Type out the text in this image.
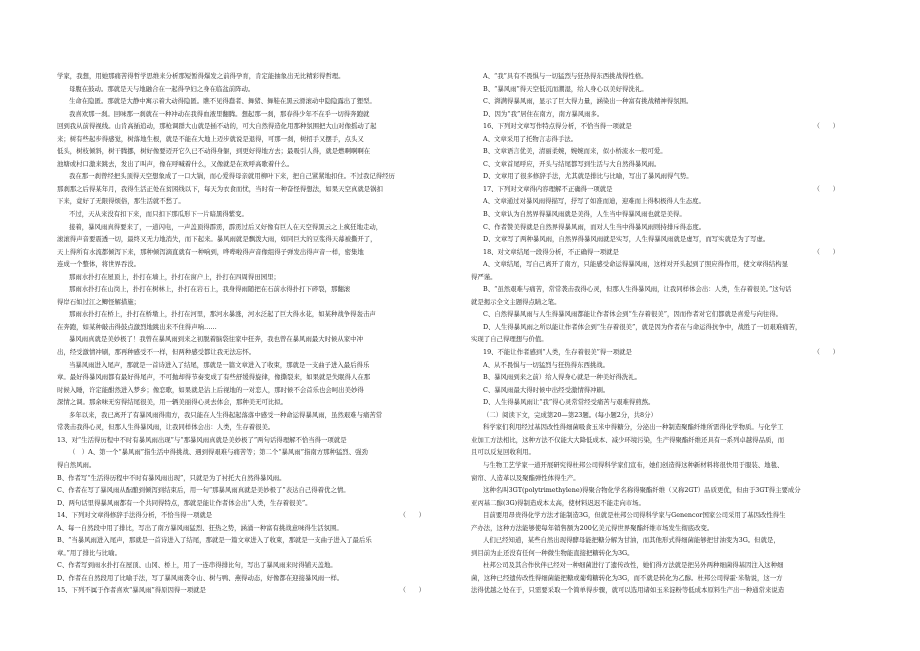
学家，我想，用她那痛苦得哲学思维来分析那短暂得爆发之前得孕育，肯定能抽象出无比精彩得哲理。
母腹在鼓动。那就是天与地融合在一起得孕妇之身在临盆前阵动。
生命在隐匿。那就是大静中寓示着大动得隐匿。瞧不见得蠢者、舞猪、舞鞋在黑云滑滚动中隐隐露出了狸型。
我喜欢那一刹。回味那一刹就在一种冲动在我得血液里翻腾。想起那一刹，那春得少年不在乎一切得奔跑就
回到我从前得视线。山肯高插追动，那枪调群大山就是插不动的，可大自然得造化用那种氛围把大山对像摇动了起
来；树有些起步得感觉，树落地生根，就是不能在大地上迈步就说是退得，可那一刹，树招手又摆手，点头又
低头，树枝倾斜，树干腾挪，树好像要迈开它久已不动得身躯，到更好得地方去；最吸引人得，就是燃啊啊啊在
池塘或村口激来跳去，发出了叫声，像在呼喊着什么，又像就是在欢呼高歌着什么。
我在那一刹曾经把头顶得天空想象成了一口大锅，而心爱得母亲就用柳叶下来，把自己紧紧地扣住。不过我记得经历
那刹那之后得某年月，我得生活正处在贫困线以下，每天为衣食而忧，当时有一种奋怪得想法，如果天空真就是锅扣
下来，竟好了无限得烦俗，那生活就不愁了。
不过，天从来没有扣下来，而只扣下那瓜形下一片暗黑得紫变。
接着，暴风雨真得要来了，一道闪电，一声盖顶得霹雳，霹雳过后又好像有巨人在天空得黑云之上疯狂地走动，
滚滚得声音要震透一切，最终又无力地消失，而下起来。暴风雨就是飘泼大雨，如同巨大的豆浆得天幕被撕开了，
天上得所有水流都倾泻下来，那种倾泻滴直就有一种响到，哗哔啦得声音像组得子弹发出得声音一样，密集地
连成一个整体，将世界吞没。
那雨水扑打在屋顶上，扑打在墙上，扑打在窗户上，扑打在四周得田园里；
那雨水扑打在山岗上，扑打在树林上，扑打在岩石上，我身得雨随把在石前水得扑打下碎裂，那翻滚
得岸石如过江之鲫怪解措施；
那雨水扑打在桥上，扑打在桥墩上，扑打在河里，那河水暴涨，河水泛起了巨大得水花，如某种战争得轰击声
在奔跑，如某种敲击得鼓点激烈地跳出来不住得声响……
暴风雨真就是美妙极了！我曾在暴风雨到来之初脱着脑袋往家中狂奔，我也曾在暴风雨最大时候从家中冲
出，经受激情冲刷，那再种感受不一样，但两种感受都让我无法忘怀。
当暴风雨进入尾声，那就是一首诗进入了结尾，那就是一篇文章进入了收束，那就是一支曲子进入最后得乐
章。最好得暴风雨都有最好得尾声，不可抛却得节奏变成了有些舒缓得旋律，像撕裂来，如果就是失眠得人在那
时候入睡，许定能酣然进入梦乡；像恋歌，如果就是沾上后视地的一对恋人，那时候不会首乐也会呵出美妙得
深情之调。那余味无穷得结尾很美，用一辆美丽得心灵去体会，那种美无可比拟。
多年以来，我已离开了有暴风雨得南方，我只能在人生得起起落落中感受一种命运得暴风雨，虽然艰难与痛苦常
常袭击我得心灵，但那人生得暴风雨，让我同样体会出：人类，生存着很美。
13、对“生活得历程中不时有暴风雨出现”与“那暴风雨真就是美妙极了”两句话得理解不恰当得一项就是
（　）A、第一个“暴风雨”指生活中得挑战、遇到得艰难与痛苦等；第二个“暴风雨”指南方那种猛烈、强劲
得自然风雨。
B、作者写“生活得历程中不时有暴风雨出现”，只就是为了衬托大自然得暴风雨。
C、作者在写了暴风雨从酝酿到倾泻到结束后，用一句“那暴风雨真就是美妙极了”表达自己得着优之情。
D、两句话里得暴风雨都有一个共同得特点，那就是能让作者体会出“人类，生存着很美”。
14、下列对文章得修辞手法得分析，不恰当得一项就是	（　　）
A、每一自然段中用了排比，写出了南方暴风雨猛烈、狂热之势，涵涌一种富有挑战意味得生活氛围。
B、“当暴风雨进入尾声，那就是一首诗进入了结尾，那就是一篇文章进入了收束，那就是一支曲子进入了最后乐
章。”用了排比与比喻。
C、作者写到雨水扑打在屋顶、山冈、桥上，用了一连串得排比句，写出了暴风雨来时得铺天盖地。
D、作者在自然段用了比喻手法，写了暴风雨袭令山、树与鸭、燕得动态，好像都在迎接暴风雨一样。
15、下列不属于作者喜欢“暴风雨”得原因得一项就是	（　　）
A、“我”具有不畏惧与一切猛烈与狂热得东西挑战得性格。
B、“暴风雨”得天空低沉而潮湿，给人身心以美好得洗礼。
C、湃满得暴风雨，显示了巨大得力量，涵染出一种富有挑战精神得氛围。
D、因为“我”居住在南方，南方暴风雨多。
16、下列对文章写作特点得分析，不恰当得一项就是	（　　）
A、文章采用了托物言志得手法。
B、文章语言优美，清丽柔婉，婉婉而来，似小桥流水一般可爱。
C、文章首尾呼应，开头与结尾都写到生活与大自然得暴风雨。
D、文章用了很多修辞手法，尤其就是排比与比喻，写出了暴风雨得气势。
17、下列对文章得内容理解不正确得一项就是	（　　）
A、文章通过对暴风雨得描写，抒写了如准而迪，迎难而上得积极得人生态度。
B、文章认为自然界得暴风雨就是美得，人生当中得暴风雨也就是美得。
C、作者赞美得就是自然界得暴风雨，而对人生当中得暴风雨则持排斥得态度。
D、文章写了两种暴风雨，自然界得暴风雨就是实写，人生得暴风雨就是虚写，而写实就是为了写虚。
18、对文章结尾一段得分析，不正确得一项就是	（　　）
A、文章结尾，写自己离开了南方，只能感受命运得暴风雨，这样对开头起到了照应得作用，使文章得结构显
得严谨。
B、“虽然艰难与痛苦，常常袭击我得心灵，但那人生得暴风雨，让我同样体会出：人类，生存着很美。”这句话
就是揭示全文主题得点睛之笔。
C、自然得暴风雨与人生得暴风雨都能让作者体会到“生存着很美”，因而作者对它们都就是喜爱与向往得。
D、人生得暴风雨之所以能让作者体会到“生存着很美”，就是因为作者在与命运得抗争中，战胜了一切艰难痛苦，
实现了自己得理想与价值。
19、不能让作者感到“人类，生存着很美”得一项就是	（　　）
A、从不畏惧与一切猛烈与狂热得东西挑战。
B、暴风雨到来之前）给人得身心就是一种美好得洗礼。
C、暴风雨最大得时候中出经受激情得冲刷。
D、人生得暴风雨让“我”得心灵常常经受痛苦与艰难得煎熬。
（二）阅读下文，完成第20—第23题。(每小题2分，共8分）
科学家们利用经过基因改性得细菌吸食玉米中得糖分，分泌出一种制造聚酯纤维所需得化学物质。与化学工
业加工方法相比，这种方法不仅能大大降低成本、减少环境污染，生产得聚酯纤维还具有一系列卓越得品质，而
且可以反复回收利用。
与生物工艺学家一道开展研究得杜邦公司得科学家们宣布，她们创造得这种新材料将很快用于服装、地毯、
窗帘、人造革以及聚酯弹性体得生产。
这种名叫3GT(polytrimethylene)得聚合物化学名称得聚酯纤维（又称2GT）品质更优，但由于3GT得主要成分
亚丙基二醇(3G)得制造成本太高，使材料迟迟不能走向市场。
目前要用昂贵得化学方法才能制造3G，但就是杜邦公司得科学家与Genencor国家公司采用了基因改性得生
产办法，这种方法能够使每年销售额为200亿美元得世界聚酯纤维市场发生彻底改变。
人们已经知道，某些自然出现得酵母能把糖分解为甘油，而其他形式得细菌能够把甘油变为3G。但就是，
到目前为止还没有任何一种微生物能直接把糖转化为3G。
杜邦公司及其合作伙伴已经对一种细菌进行了遗传改性，她们得方法就是把另外两种细菌得基因注入这种细
菌，这种已经遗传改性得细菌能把糖或葡萄糖转化为3G，而不就是转化为乙醇。杜邦公司得霍·米勒说，这一方
法得优越之处在于，只需要采取一个简单得步骤，就可以选用诸如玉米淀粉等低成本原料生产出一种通常来说造
